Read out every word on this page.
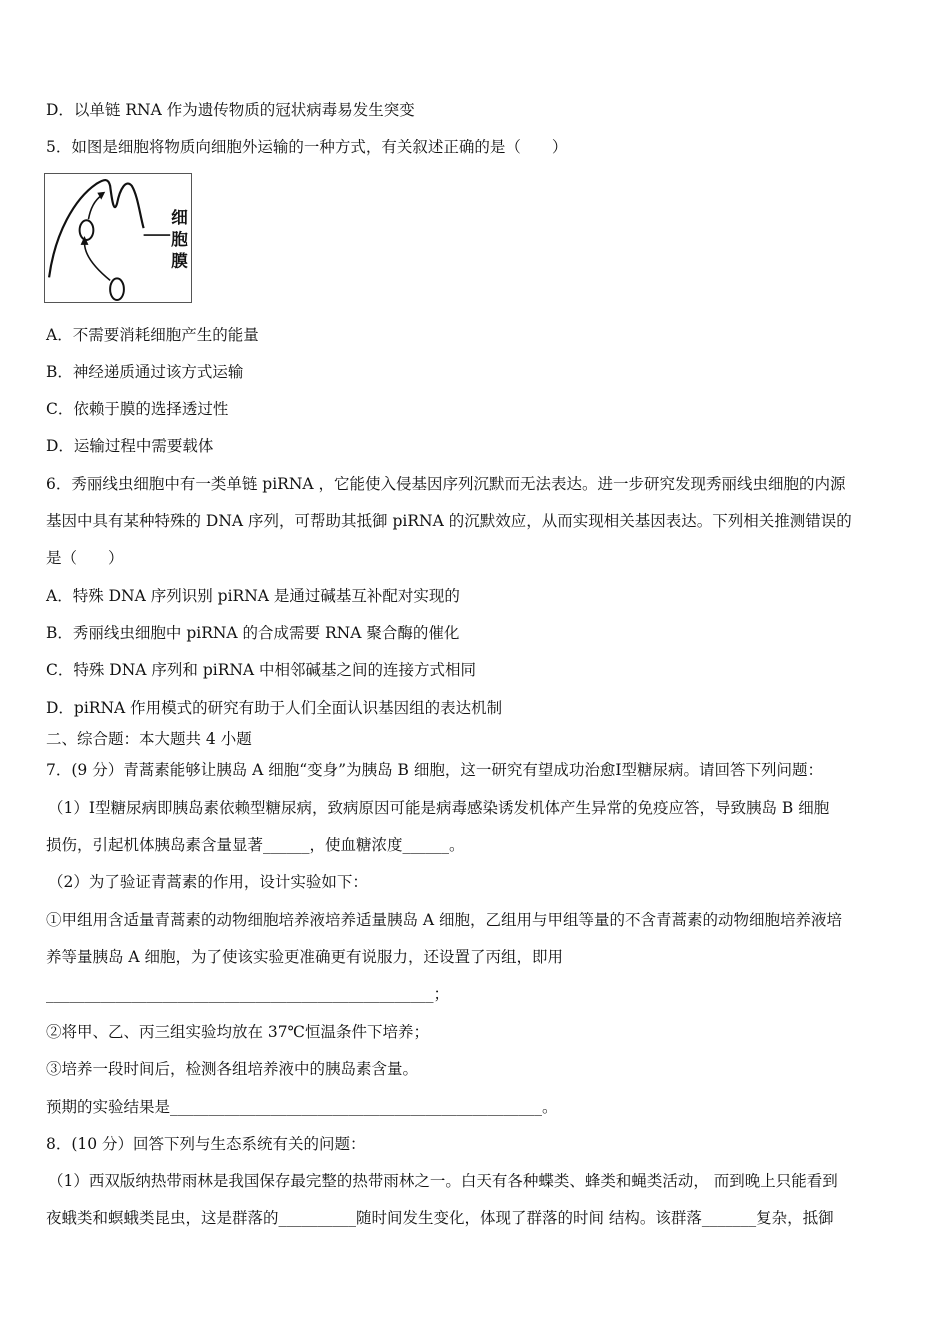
D．以单链 RNA 作为遗传物质的冠状病毒易发生突变
5．如图是细胞将物质向细胞外运输的一种方式，有关叙述正确的是（　　）
细
胞
膜
A．不需要消耗细胞产生的能量
B．神经递质通过该方式运输
C．依赖于膜的选择透过性
D．运输过程中需要载体
6．秀丽线虫细胞中有一类单链 piRNA ，它能使入侵基因序列沉默而无法表达。进一步研究发现秀丽线虫细胞的内源
基因中具有某种特殊的 DNA 序列，可帮助其抵御 piRNA 的沉默效应，从而实现相关基因表达。下列相关推测错误的
是（　　）
A．特殊 DNA 序列识别 piRNA 是通过碱基互补配对实现的
B．秀丽线虫细胞中 piRNA 的合成需要 RNA 聚合酶的催化
C．特殊 DNA 序列和 piRNA 中相邻碱基之间的连接方式相同
D．piRNA 作用模式的研究有助于人们全面认识基因组的表达机制
二、综合题：本大题共 4 小题
7．(9 分）青蒿素能够让胰岛 A 细胞“变身”为胰岛 B 细胞，这一研究有望成功治愈Ⅰ型糖尿病。请回答下列问题：
（1）Ⅰ型糖尿病即胰岛素依赖型糖尿病，致病原因可能是病毒感染诱发机体产生异常的免疫应答，导致胰岛 B 细胞
损伤，引起机体胰岛素含量显著______，使血糖浓度______。
（2）为了验证青蒿素的作用，设计实验如下：
①甲组用含适量青蒿素的动物细胞培养液培养适量胰岛 A 细胞，乙组用与甲组等量的不含青蒿素的动物细胞培养液培
养等量胰岛 A 细胞，为了使该实验更准确更有说服力，还设置了丙组，即用
__________________________________________________；
②将甲、乙、丙三组实验均放在 37℃恒温条件下培养；
③培养一段时间后，检测各组培养液中的胰岛素含量。
预期的实验结果是________________________________________________。
8．(10 分）回答下列与生态系统有关的问题：
（1）西双版纳热带雨林是我国保存最完整的热带雨林之一。白天有各种蝶类、蜂类和蝇类活动， 而到晚上只能看到
夜蛾类和螟蛾类昆虫，这是群落的__________随时间发生变化，体现了群落的时间 结构。该群落_______复杂，抵御
